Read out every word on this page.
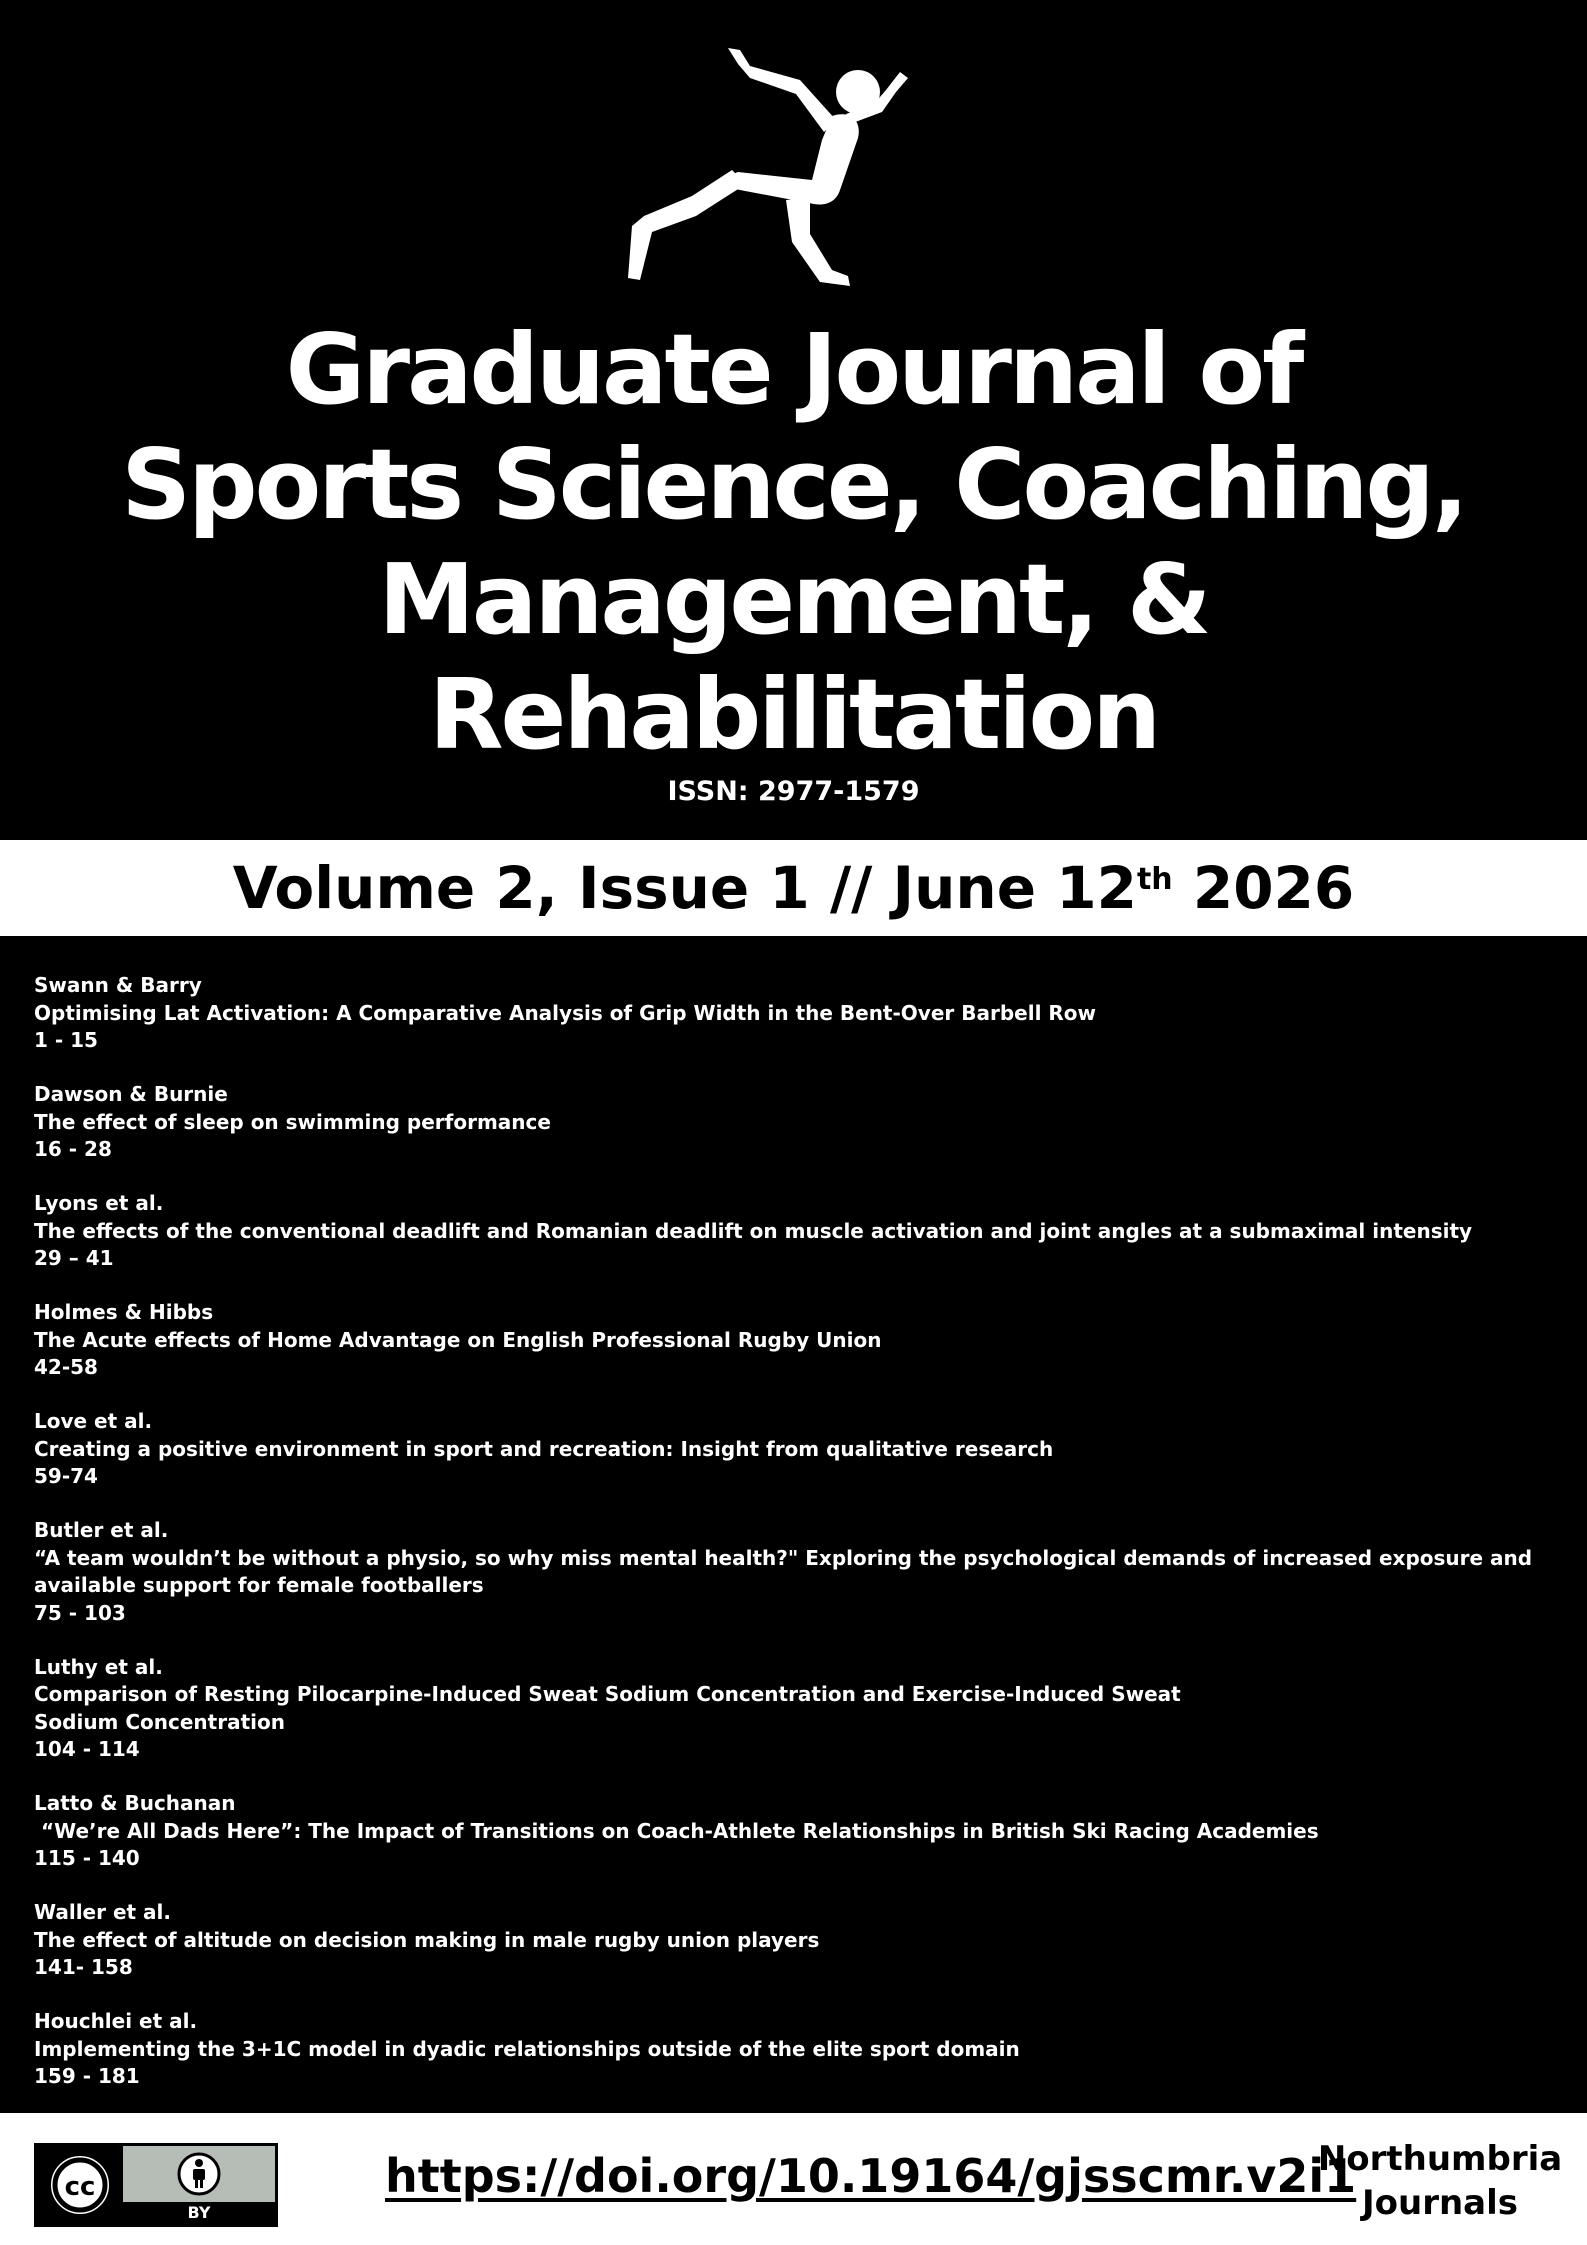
Graduate Journal of
Sports Science, Coaching,
Management, &
Rehabilitation
ISSN: 2977-1579
Volume 2, Issue 1 // June 12th 2026
Swann & Barry
Optimising Lat Activation: A Comparative Analysis of Grip Width in the Bent-Over Barbell Row
1 - 15
Dawson & Burnie
The effect of sleep on swimming performance
16 - 28
Lyons et al.
The effects of the conventional deadlift and Romanian deadlift on muscle activation and joint angles at a submaximal intensity
29 – 41
Holmes & Hibbs
The Acute effects of Home Advantage on English Professional Rugby Union
42-58
Love et al.
Creating a positive environment in sport and recreation: Insight from qualitative research
59-74
Butler et al.
“A team wouldn’t be without a physio, so why miss mental health?" Exploring the psychological demands of increased exposure and available support for female footballers
75 - 103
Luthy et al.
Comparison of Resting Pilocarpine-Induced Sweat Sodium Concentration and Exercise-Induced Sweat
Sodium Concentration
104 - 114
Latto & Buchanan
“We’re All Dads Here”: The Impact of Transitions on Coach-Athlete Relationships in British Ski Racing Academies
115 - 140
Waller et al.
The effect of altitude on decision making in male rugby union players
141- 158
Houchlei et al.
Implementing the 3+1C model in dyadic relationships outside of the elite sport domain
159 - 181
cc
BY
https://doi.org/10.19164/gjsscmr.v2i1
Northumbria
Journals
